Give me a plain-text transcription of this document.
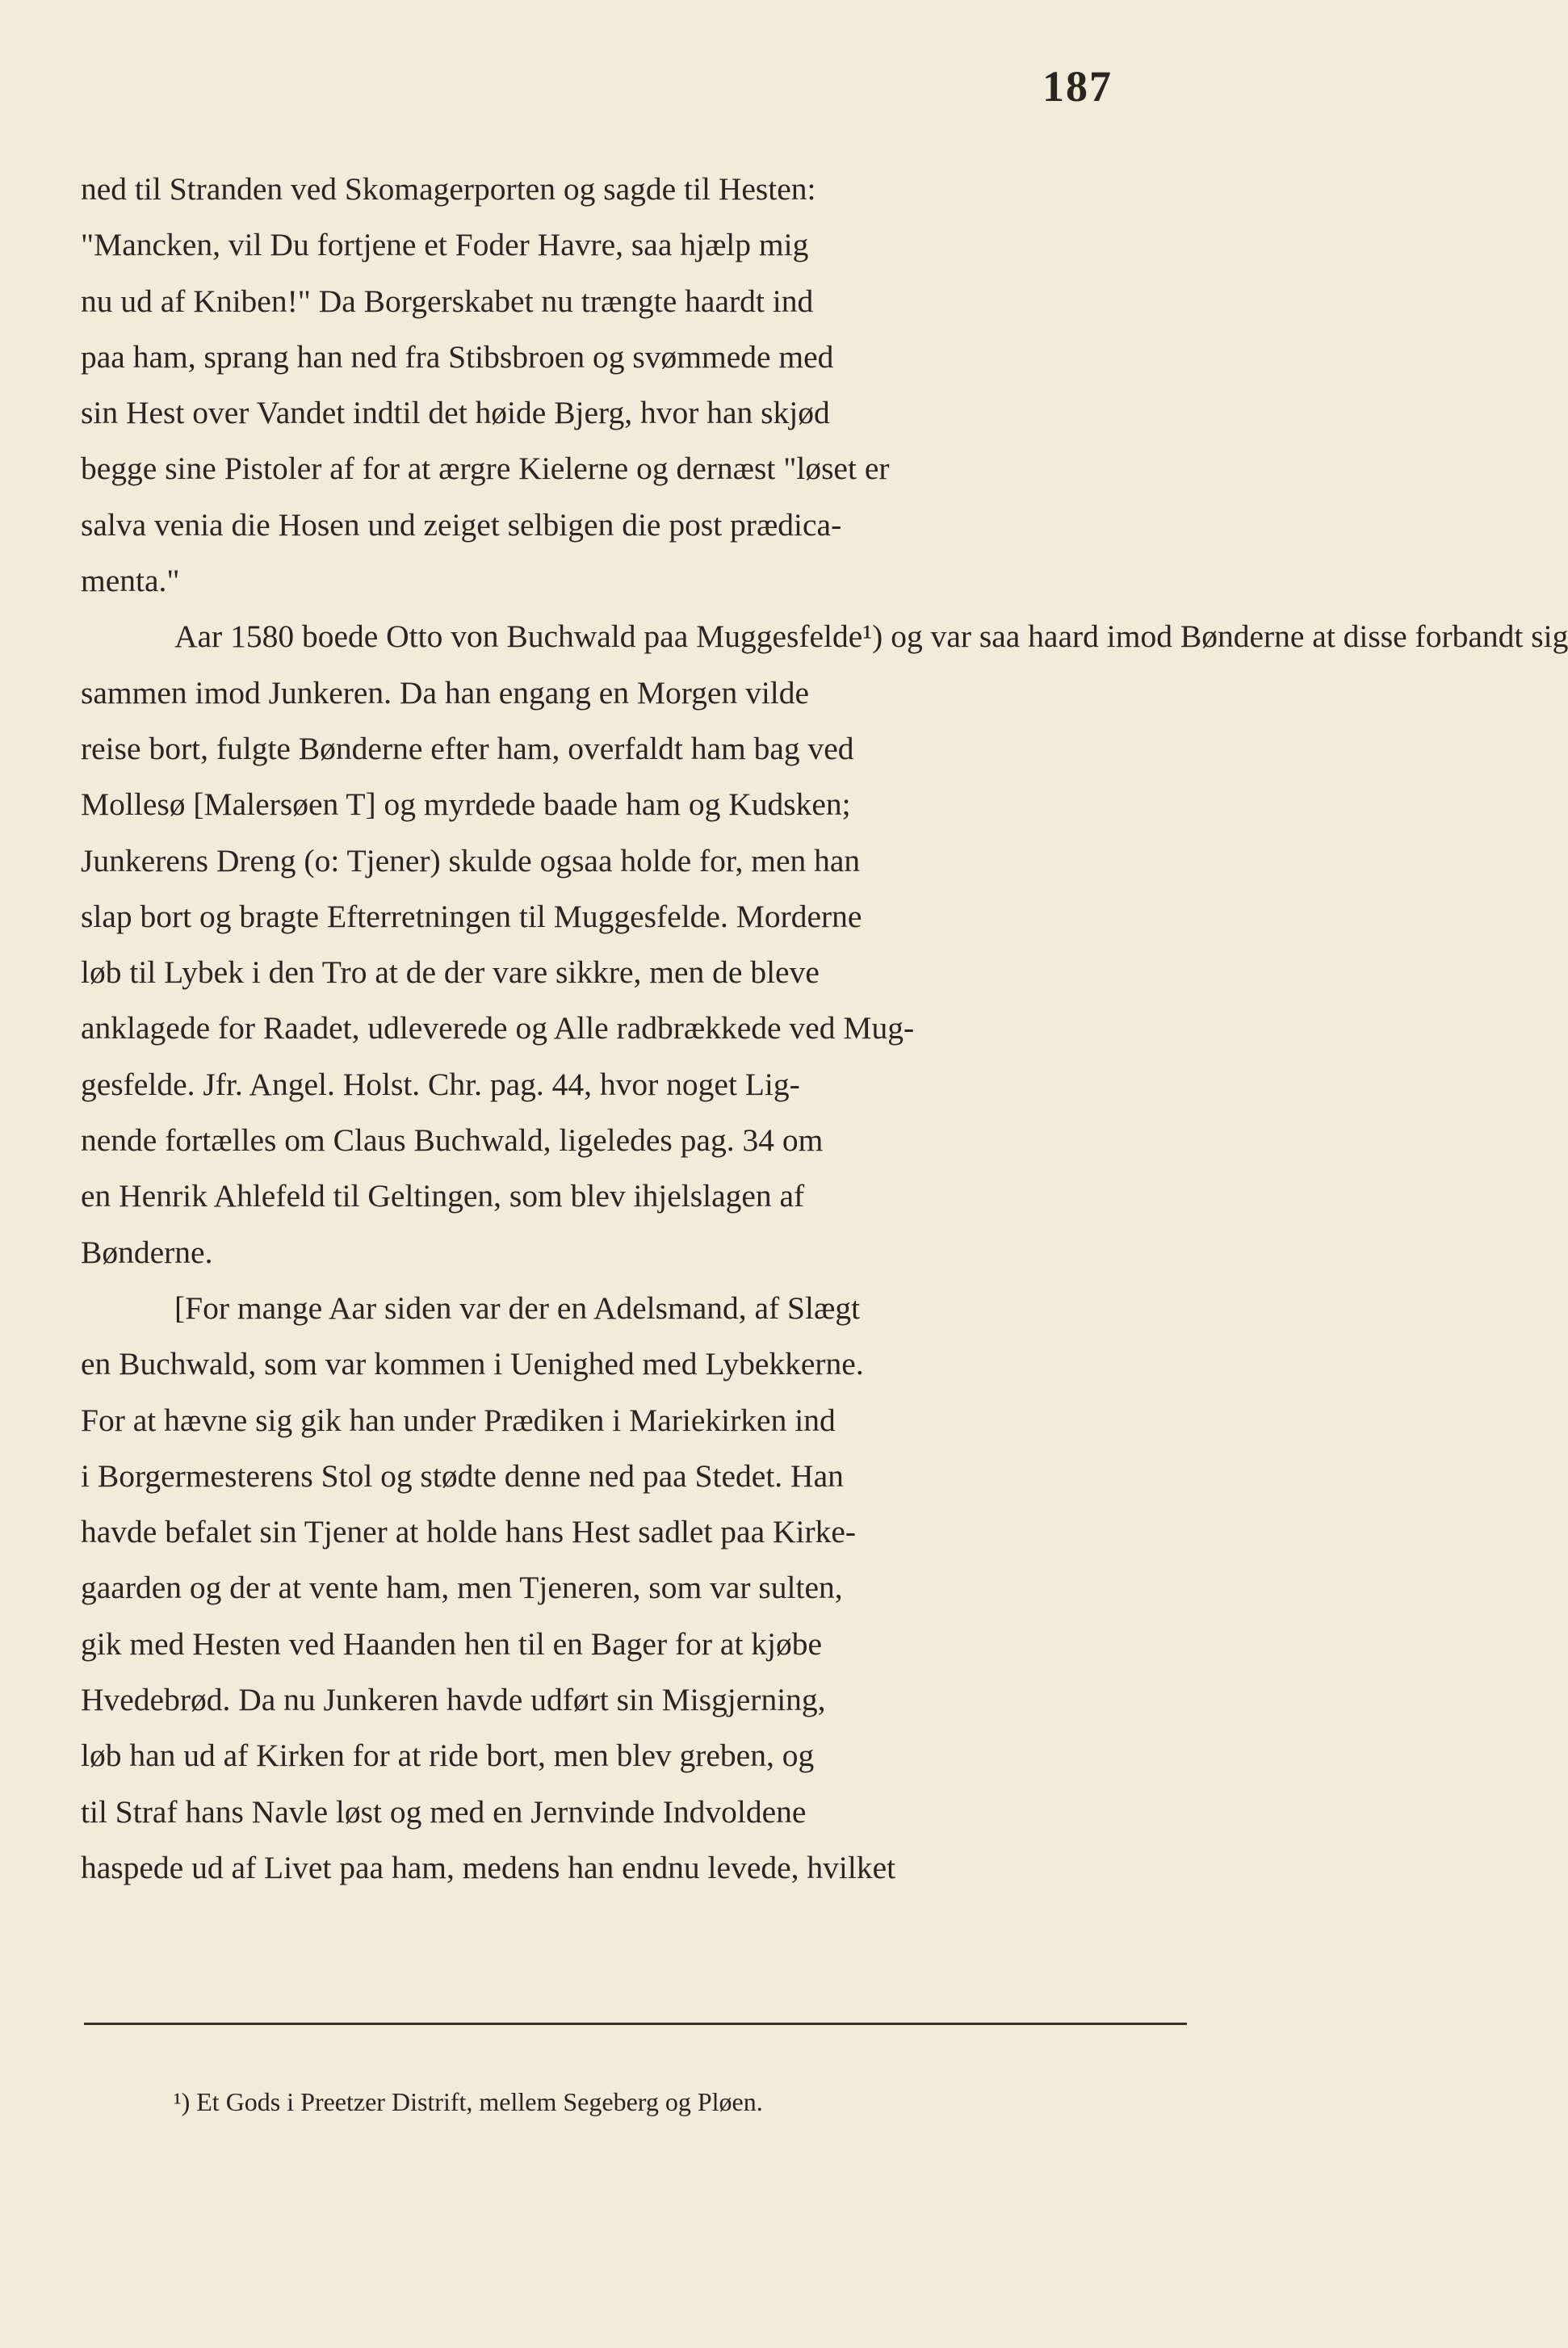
187
ned til Stranden ved Skomagerporten og sagde til Hesten:
"Mancken, vil Du fortjene et Foder Havre, saa hjælp mig
nu ud af Kniben!" Da Borgerskabet nu trængte haardt ind
paa ham, sprang han ned fra Stibsbroen og svømmede med
sin Hest over Vandet indtil det høide Bjerg, hvor han skjød
begge sine Pistoler af for at ærgre Kielerne og dernæst "løset er
salva venia die Hosen und zeiget selbigen die post prædica-
menta."
Aar 1580 boede Otto von Buchwald paa Muggesfelde¹) og var saa haard imod Bønderne at disse forbandt sig
sammen imod Junkeren. Da han engang en Morgen vilde
reise bort, fulgte Bønderne efter ham, overfaldt ham bag ved
Mollesø [Malersøen T] og myrdede baade ham og Kudsken;
Junkerens Dreng (o: Tjener) skulde ogsaa holde for, men han
slap bort og bragte Efterretningen til Muggesfelde. Morderne
løb til Lybek i den Tro at de der vare sikkre, men de bleve
anklagede for Raadet, udleverede og Alle radbrækkede ved Mug-
gesfelde. Jfr. Angel. Holst. Chr. pag. 44, hvor noget Lig-
nende fortælles om Claus Buchwald, ligeledes pag. 34 om
en Henrik Ahlefeld til Geltingen, som blev ihjelslagen af
Bønderne.
[For mange Aar siden var der en Adelsmand, af Slægt
en Buchwald, som var kommen i Uenighed med Lybekkerne.
For at hævne sig gik han under Prædiken i Mariekirken ind
i Borgermesterens Stol og stødte denne ned paa Stedet. Han
havde befalet sin Tjener at holde hans Hest sadlet paa Kirke-
gaarden og der at vente ham, men Tjeneren, som var sulten,
gik med Hesten ved Haanden hen til en Bager for at kjøbe
Hvedebrød. Da nu Junkeren havde udført sin Misgjerning,
løb han ud af Kirken for at ride bort, men blev greben, og
til Straf hans Navle løst og med en Jernvinde Indvoldene
haspede ud af Livet paa ham, medens han endnu levede, hvilket
¹) Et Gods i Preetzer Distrift, mellem Segeberg og Pløen.
